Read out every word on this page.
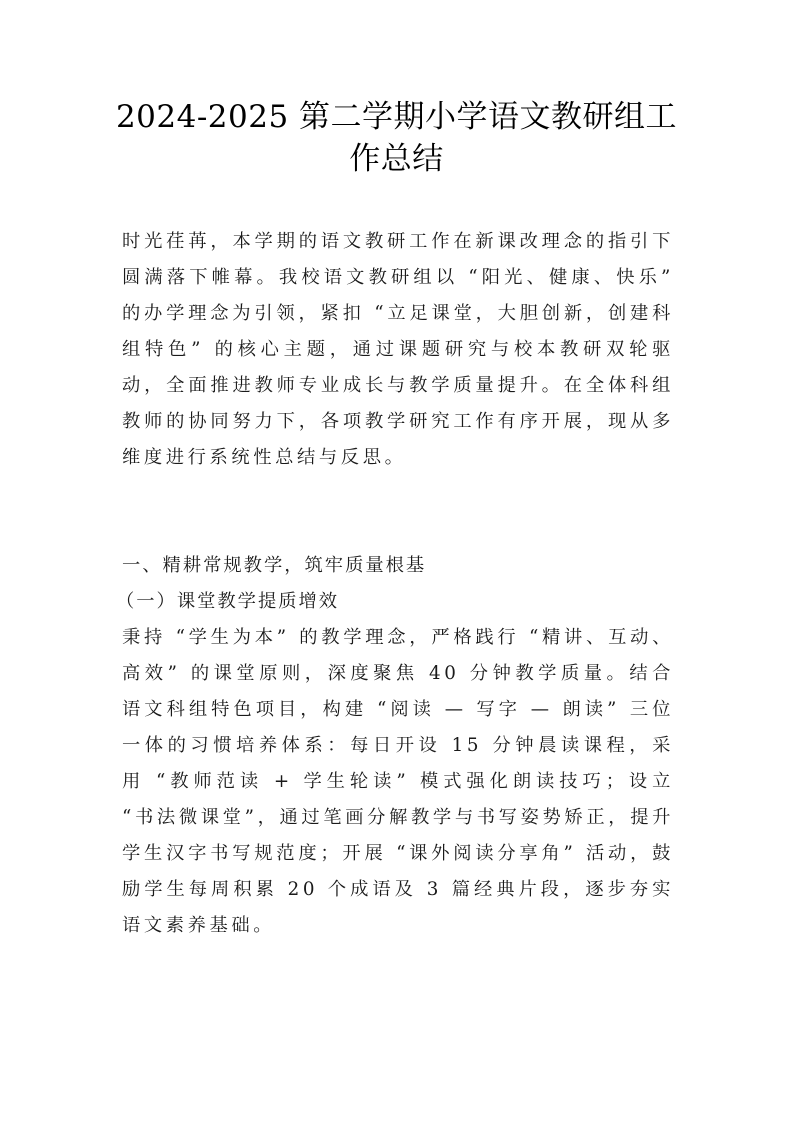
2024-2025 第二学期小学语文教研组工
作总结

时光荏苒，本学期的语文教研工作在新课改理念的指引下圆满落下帷幕。我校语文教研组以 “阳光、健康、快乐” 的办学理念为引领，紧扣 “立足课堂，大胆创新，创建科组特色” 的核心主题，通过课题研究与校本教研双轮驱动，全面推进教师专业成长与教学质量提升。在全体科组教师的协同努力下，各项教学研究工作有序开展，现从多维度进行系统性总结与反思。

一、精耕常规教学，筑牢质量根基

（一）课堂教学提质增效

秉持 “学生为本” 的教学理念，严格践行 “精讲、互动、高效” 的课堂原则，深度聚焦 40 分钟教学质量。结合语文科组特色项目，构建 “阅读 — 写字 — 朗读” 三位一体的习惯培养体系：每日开设 15 分钟晨读课程，采用 “教师范读 + 学生轮读” 模式强化朗读技巧；设立 “书法微课堂”，通过笔画分解教学与书写姿势矫正，提升学生汉字书写规范度；开展 “课外阅读分享角” 活动，鼓励学生每周积累 20 个成语及 3 篇经典片段，逐步夯实语文素养基础。
